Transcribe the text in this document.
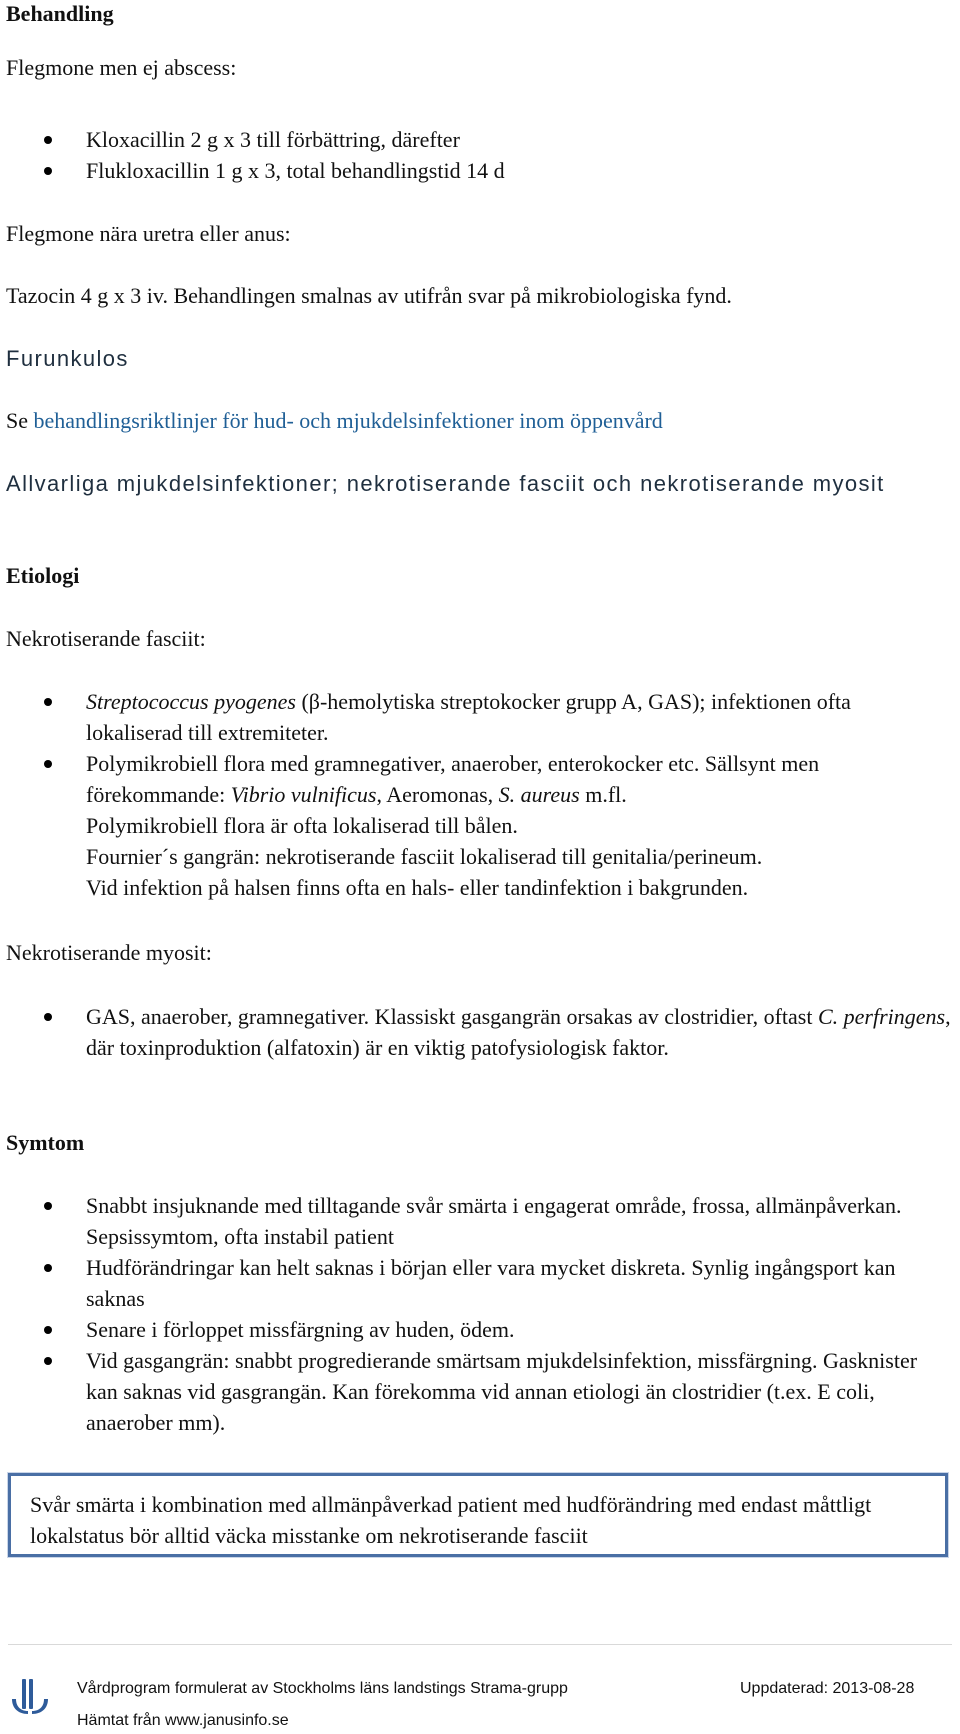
Behandling

Flegmone men ej abscess:

Kloxacillin 2 g x 3 till förbättring, därefter
Flukloxacillin 1 g x 3, total behandlingstid 14 d

Flegmone nära uretra eller anus:

Tazocin 4 g x 3 iv. Behandlingen smalnas av utifrån svar på mikrobiologiska fynd.

Furunkulos

Se behandlingsriktlinjer för hud- och mjukdelsinfektioner inom öppenvård

Allvarliga mjukdelsinfektioner; nekrotiserande fasciit och nekrotiserande myosit

Etiologi

Nekrotiserande fasciit:

Streptococcus pyogenes (β-hemolytiska streptokocker grupp A, GAS); infektionen ofta lokaliserad till extremiteter.
Polymikrobiell flora med gramnegativer, anaerober, enterokocker etc. Sällsynt men förekommande: Vibrio vulnificus, Aeromonas, S. aureus m.fl.
Polymikrobiell flora är ofta lokaliserad till bålen.
Fournier´s gangrän: nekrotiserande fasciit lokaliserad till genitalia/perineum.
Vid infektion på halsen finns ofta en hals- eller tandinfektion i bakgrunden.

Nekrotiserande myosit:

GAS, anaerober, gramnegativer. Klassiskt gasgangrän orsakas av clostridier, oftast C. perfringens, där toxinproduktion (alfatoxin) är en viktig patofysiologisk faktor.

Symtom

Snabbt insjuknande med tilltagande svår smärta i engagerat område, frossa, allmänpåverkan. Sepsissymtom, ofta instabil patient
Hudförändringar kan helt saknas i början eller vara mycket diskreta. Synlig ingångsport kan saknas
Senare i förloppet missfärgning av huden, ödem.
Vid gasgangrän: snabbt progredierande smärtsam mjukdelsinfektion, missfärgning. Gasknister kan saknas vid gasgrangän. Kan förekomma vid annan etiologi än clostridier (t.ex. E coli, anaerober mm).
Svår smärta i kombination med allmänpåverkad patient med hudförändring med endast måttligt lokalstatus bör alltid väcka misstanke om nekrotiserande fasciit

Vårdprogram formulerat av Stockholms läns landstings Strama-grupp	Uppdaterad: 2013-08-28

Hämtat från www.janusinfo.se
